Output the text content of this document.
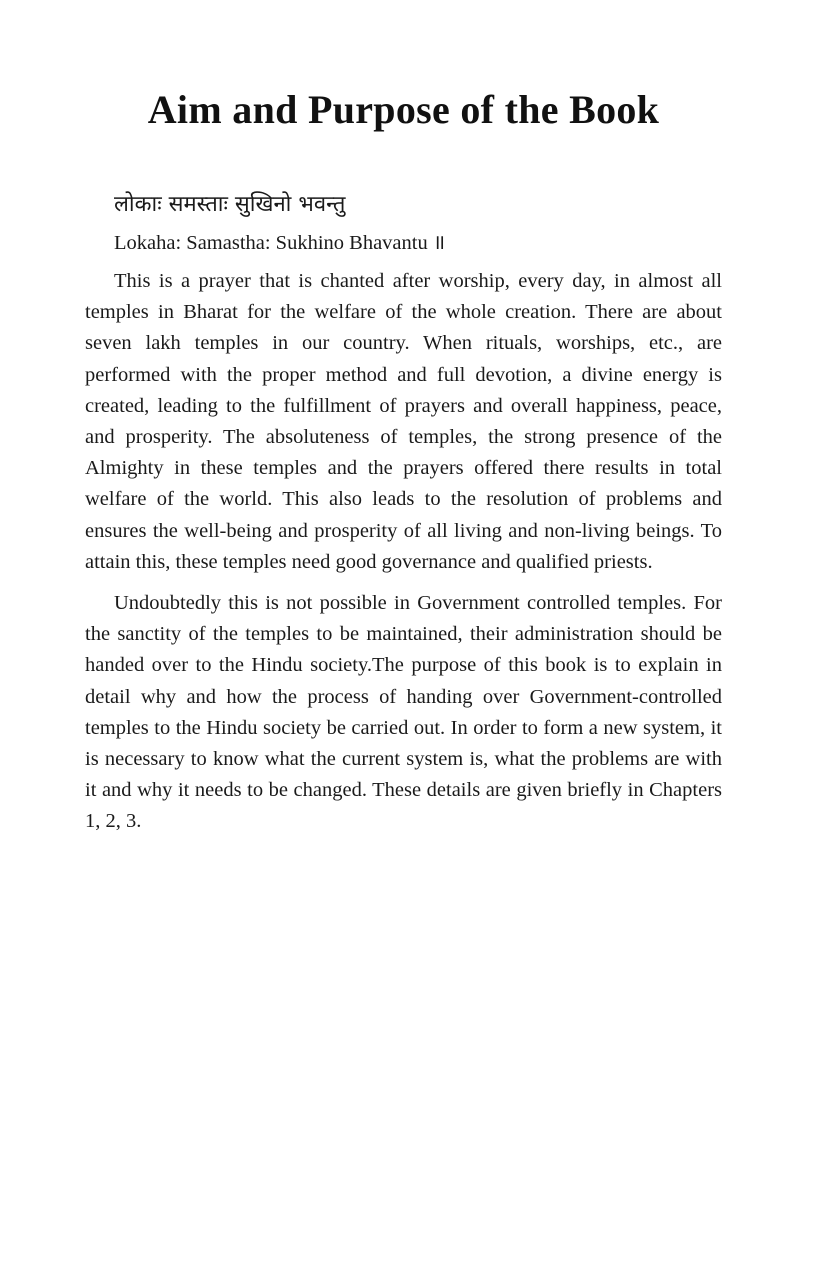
Aim and Purpose of the Book
लोकाः समस्ताः सुखिनो भवन्तु
Lokaha: Samastha: Sukhino Bhavantu ॥

This is a prayer that is chanted after worship, every day, in almost all temples in Bharat for the welfare of the whole creation. There are about seven lakh temples in our country. When rituals, worships, etc., are performed with the proper method and full devotion, a divine energy is created, leading to the fulfillment of prayers and overall happiness, peace, and prosperity. The absoluteness of temples, the strong presence of the Almighty in these temples and the prayers offered there results in total welfare of the world. This also leads to the resolution of problems and ensures the well-being and prosperity of all living and non-living beings. To attain this, these temples need good governance and qualified priests.

Undoubtedly this is not possible in Government controlled temples. For the sanctity of the temples to be maintained, their administration should be handed over to the Hindu society.The purpose of this book is to explain in detail why and how the process of handing over Government-controlled temples to the Hindu society be carried out. In order to form a new system, it is necessary to know what the current system is, what the problems are with it and why it needs to be changed. These details are given briefly in Chapters 1, 2, 3.
